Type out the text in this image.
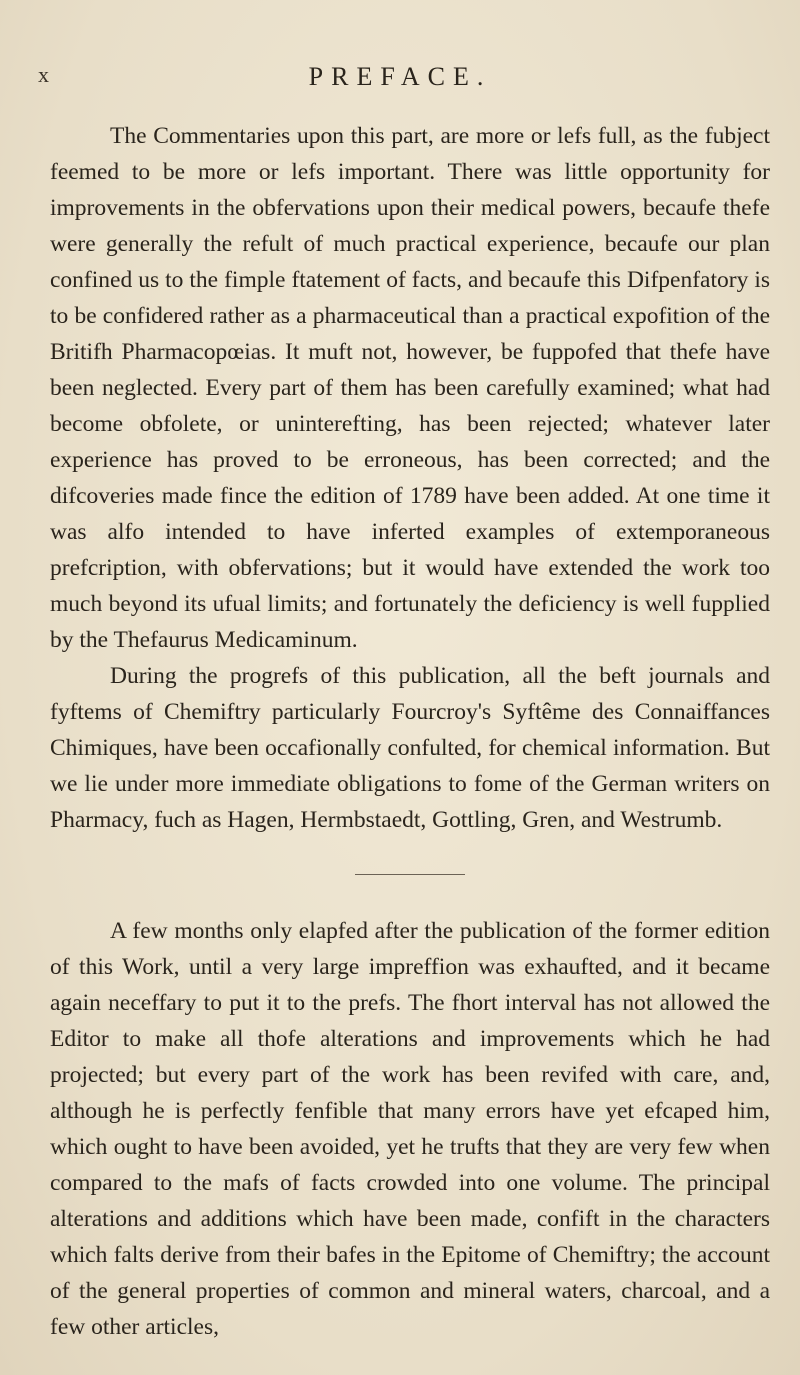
x	PREFACE.

The Commentaries upon this part, are more or lefs full, as the fubject feemed to be more or lefs important. There was little opportunity for improvements in the obfervations upon their medical powers, becaufe thefe were generally the refult of much practical experience, becaufe our plan confined us to the fimple ftatement of facts, and becaufe this Difpenfatory is to be confidered rather as a pharmaceutical than a practical expofition of the Britifh Pharmacopœias. It muft not, however, be fuppofed that thefe have been neglected. Every part of them has been carefully examined; what had become obfolete, or uninterefting, has been rejected; whatever later experience has proved to be erroneous, has been corrected; and the difcoveries made fince the edition of 1789 have been added. At one time it was alfo intended to have inferted examples of extemporaneous prefcription, with obfervations; but it would have extended the work too much beyond its ufual limits; and fortunately the deficiency is well fupplied by the Thefaurus Medicaminum.

During the progrefs of this publication, all the beft journals and fyftems of Chemiftry particularly Fourcroy's Syftême des Connaiffances Chimiques, have been occafionally confulted, for chemical information. But we lie under more immediate obligations to fome of the German writers on Pharmacy, fuch as Hagen, Hermbstaedt, Gottling, Gren, and Westrumb.

A few months only elapfed after the publication of the former edition of this Work, until a very large impreffion was exhaufted, and it became again neceffary to put it to the prefs. The fhort interval has not allowed the Editor to make all thofe alterations and improvements which he had projected; but every part of the work has been revifed with care, and, although he is perfectly fenfible that many errors have yet efcaped him, which ought to have been avoided, yet he trufts that they are very few when compared to the mafs of facts crowded into one volume. The principal alterations and additions which have been made, confift in the characters which falts derive from their bafes in the Epitome of Chemiftry; the account of the general properties of common and mineral waters, charcoal, and a few other articles,
